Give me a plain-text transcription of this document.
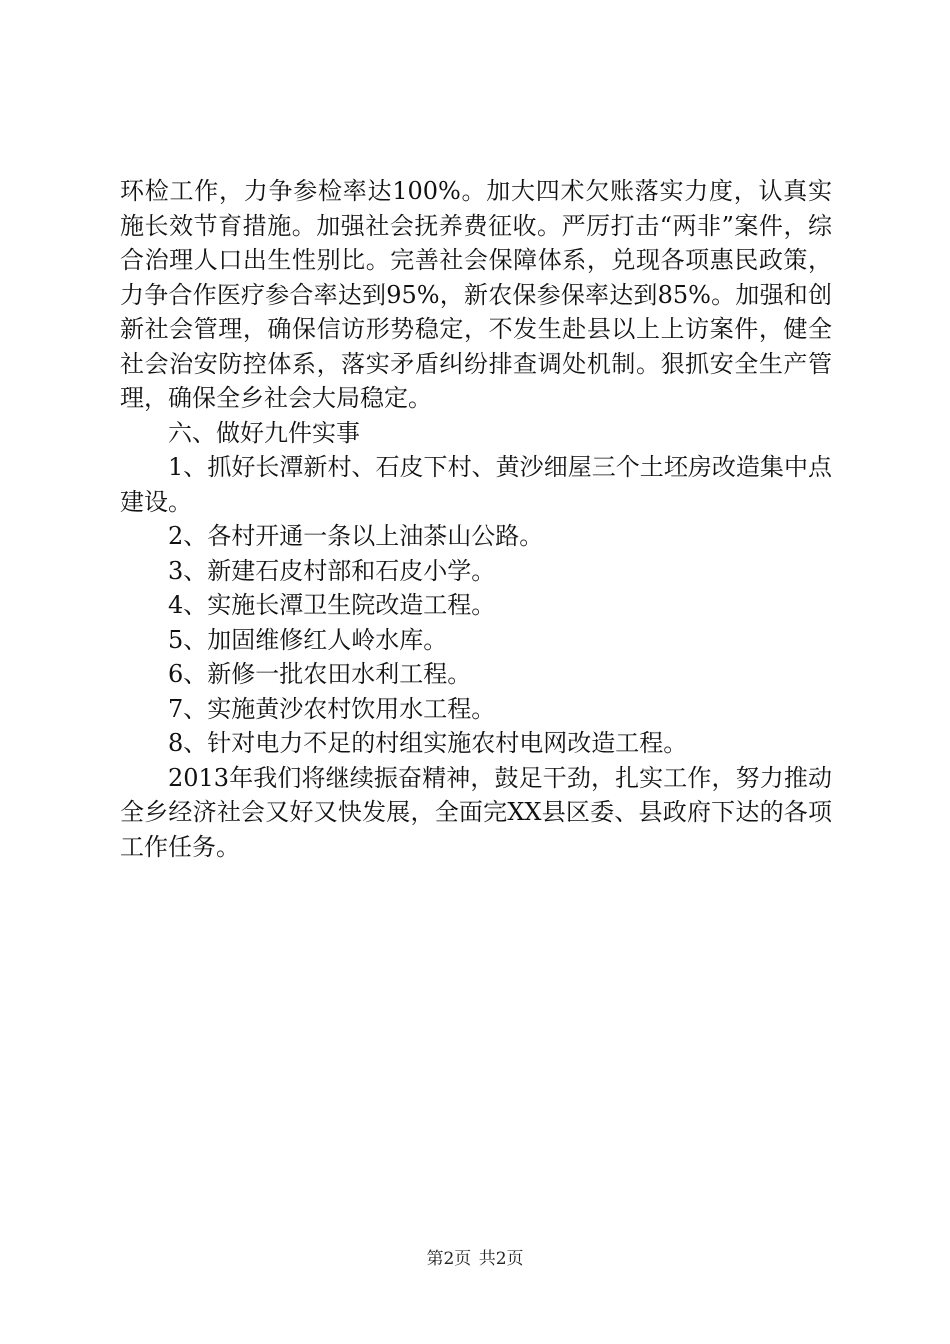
环检工作，力争参检率达100%。加大四术欠账落实力度，认真实施长效节育措施。加强社会抚养费征收。严厉打击“两非”案件，综合治理人口出生性别比。完善社会保障体系，兑现各项惠民政策，力争合作医疗参合率达到95%，新农保参保率达到85%。加强和创新社会管理，确保信访形势稳定，不发生赴县以上上访案件，健全社会治安防控体系，落实矛盾纠纷排查调处机制。狠抓安全生产管理，确保全乡社会大局稳定。

六、做好九件实事

1、抓好长潭新村、石皮下村、黄沙细屋三个土坯房改造集中点建设。

2、各村开通一条以上油茶山公路。

3、新建石皮村部和石皮小学。

4、实施长潭卫生院改造工程。

5、加固维修红人岭水库。

6、新修一批农田水利工程。

7、实施黄沙农村饮用水工程。

8、针对电力不足的村组实施农村电网改造工程。

2013年我们将继续振奋精神，鼓足干劲，扎实工作，努力推动全乡经济社会又好又快发展，全面完XX县区委、县政府下达的各项工作任务。

第2页 共2页
